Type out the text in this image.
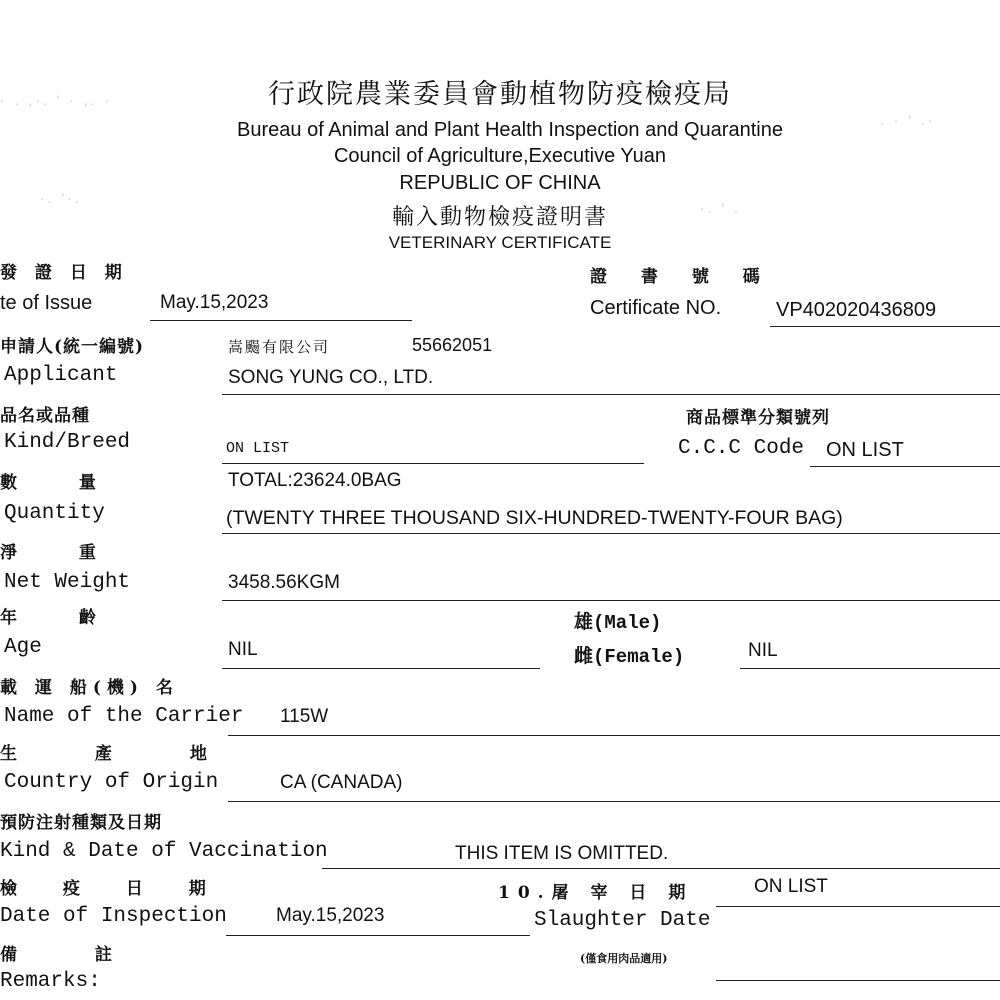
· . ,·. ' · ,. ·
. · ' .·
·. '·.
·. ' .
行政院農業委員會動植物防疫檢疫局
Bureau of Animal and Plant Health Inspection and Quarantine
Council of Agriculture,Executive Yuan
REPUBLIC OF CHINA
輸入動物檢疫證明書
VETERINARY CERTIFICATE
發 證 日 期
te of Issue	May.15,2023
證 書 號 碼
Certificate NO.	VP402020436809
申請人(統一編號)	嵩颺有限公司	55662051
Applicant	SONG YUNG CO., LTD.
品名或品種
Kind/Breed	ON LIST
商品標準分類號列
C.C.C Code ON LIST
數 量	TOTAL:23624.0BAG
Quantity	(TWENTY THREE THOUSAND SIX-HUNDRED-TWENTY-FOUR BAG)
淨 重
Net Weight	3458.56KGM
年 齡
Age	NIL
雄(Male)
雌(Female)	NIL
載 運 船(機) 名
Name of the Carrier 115W
生 產 地
Country of Origin	CA (CANADA)
預防注射種類及日期
Kind & Date of Vaccination	THIS ITEM IS OMITTED.
檢 疫 日 期
Date of Inspection	May.15,2023
10.屠 宰 日 期	ON LIST
Slaughter Date
(僅食用肉品適用)
備 註
Remarks:
